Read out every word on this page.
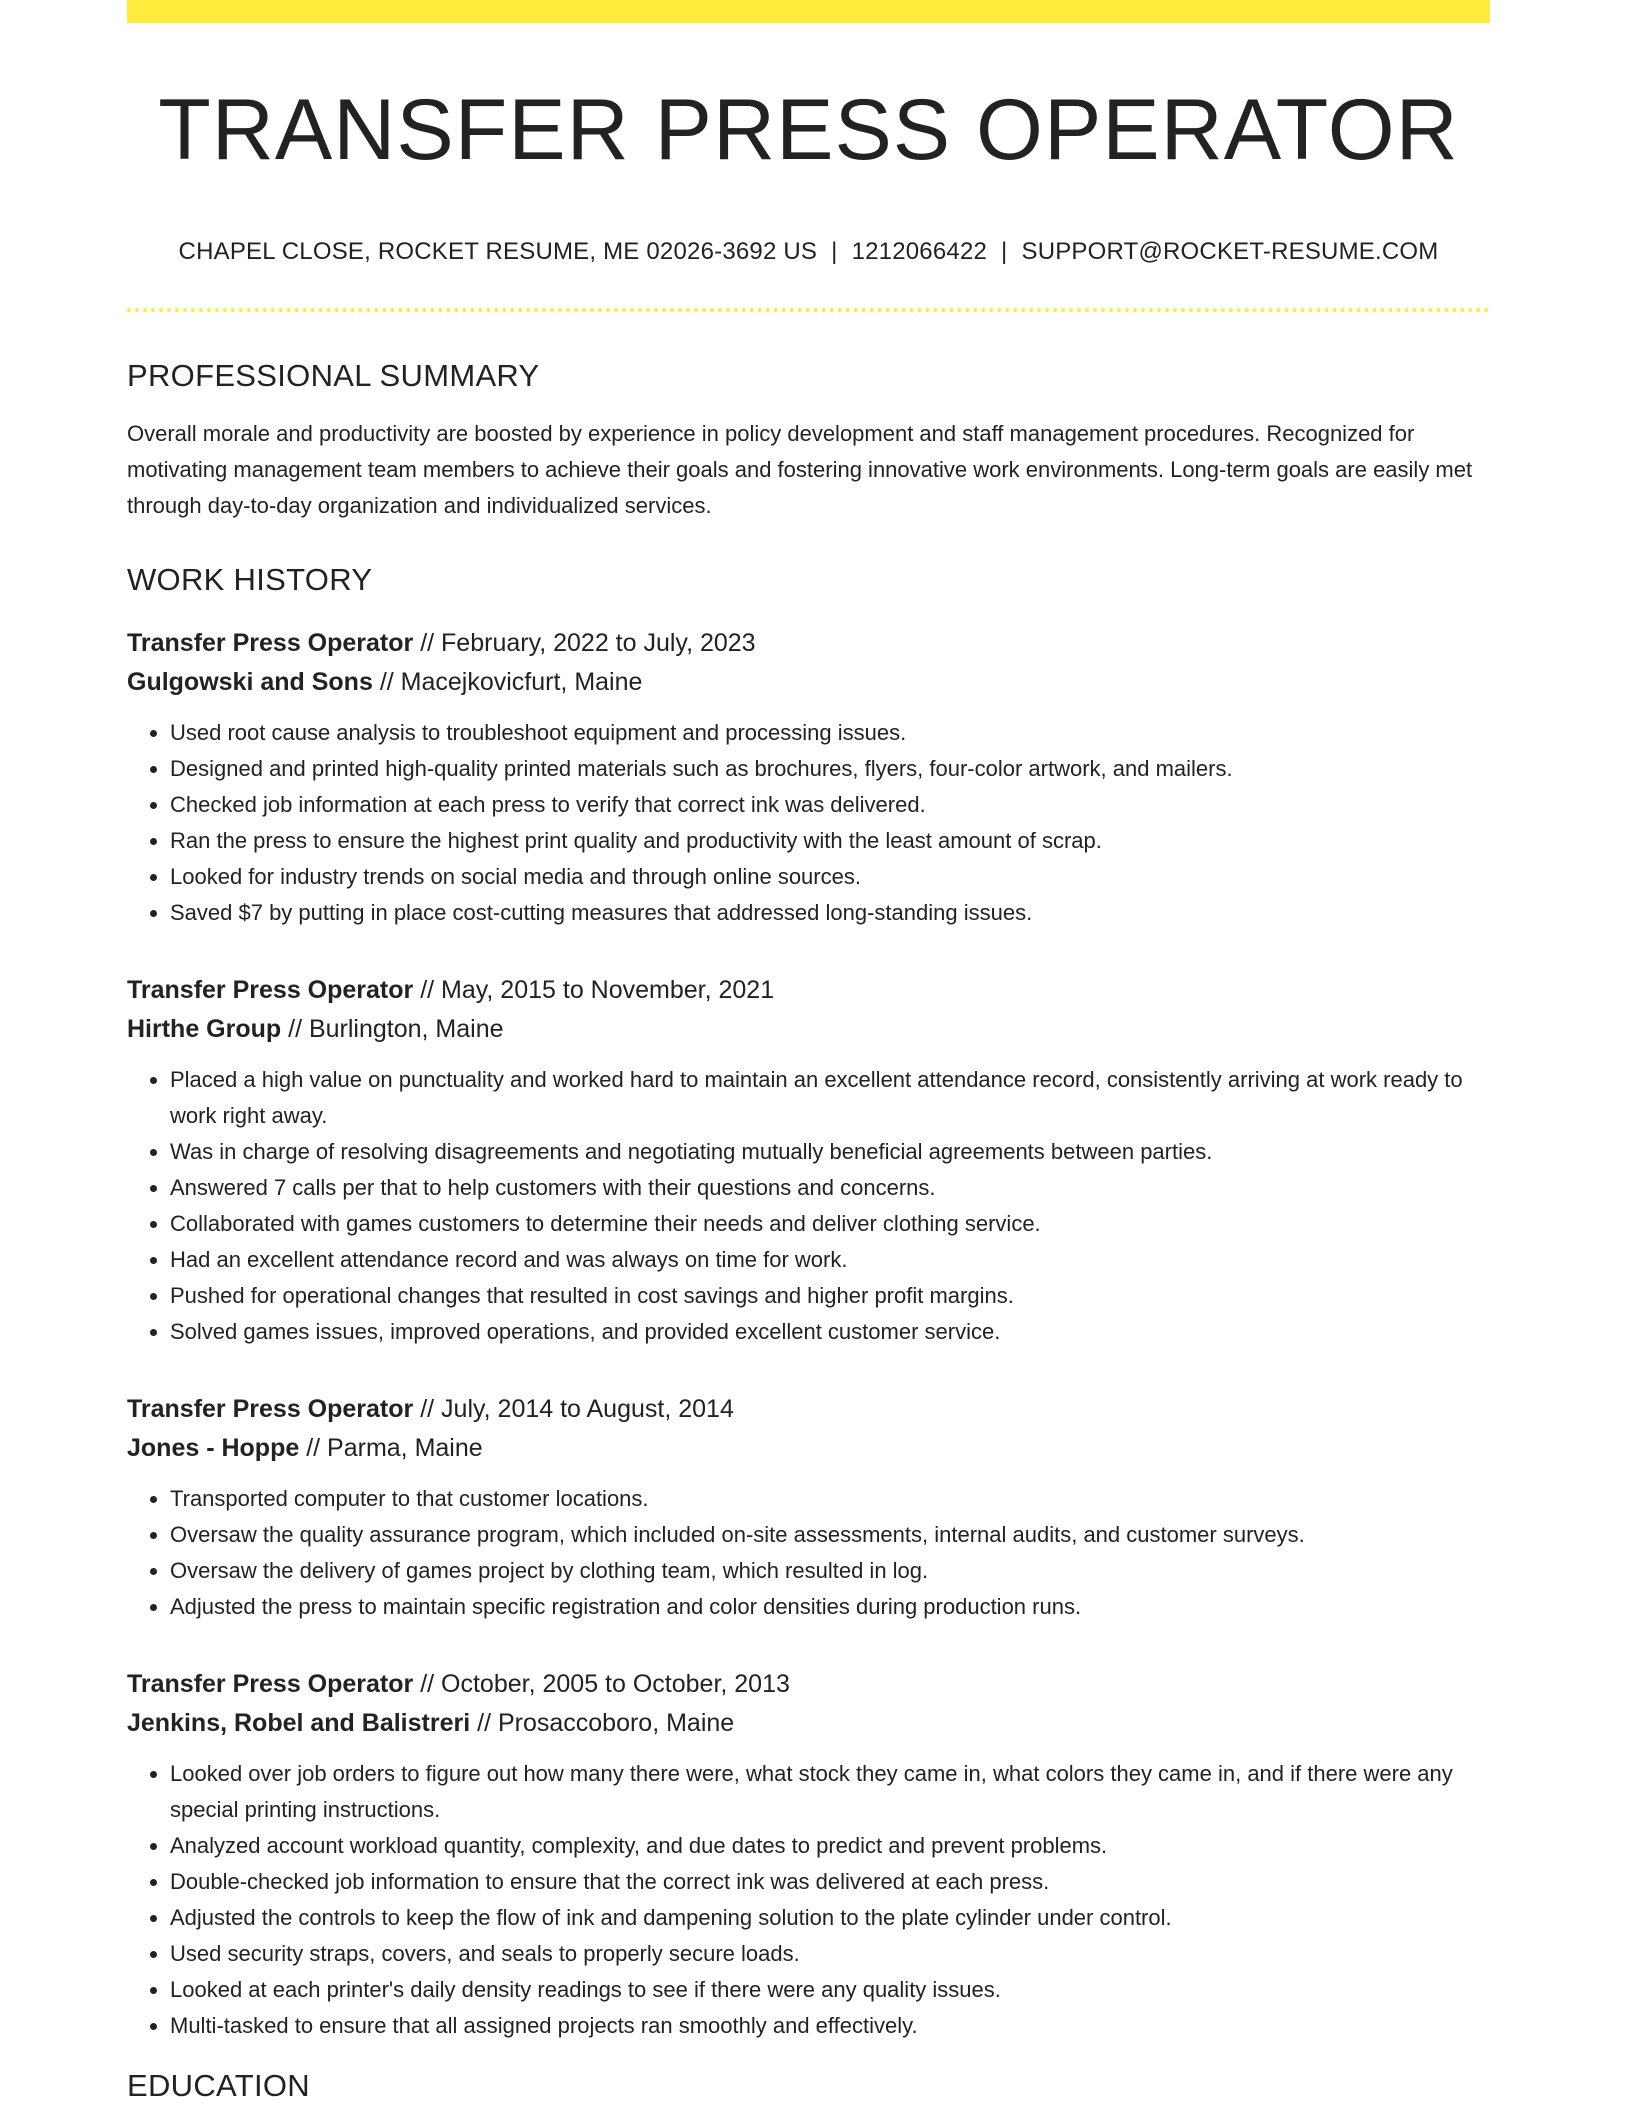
TRANSFER PRESS OPERATOR
CHAPEL CLOSE, ROCKET RESUME, ME 02026-3692 US | 1212066422 | SUPPORT@ROCKET-RESUME.COM
PROFESSIONAL SUMMARY

Overall morale and productivity are boosted by experience in policy development and staff management procedures. Recognized for motivating management team members to achieve their goals and fostering innovative work environments. Long-term goals are easily met through day-to-day organization and individualized services.

WORK HISTORY
Transfer Press Operator // February, 2022 to July, 2023
Gulgowski and Sons // Macejkovicfurt, Maine
• Used root cause analysis to troubleshoot equipment and processing issues.
• Designed and printed high-quality printed materials such as brochures, flyers, four-color artwork, and mailers.
• Checked job information at each press to verify that correct ink was delivered.
• Ran the press to ensure the highest print quality and productivity with the least amount of scrap.
• Looked for industry trends on social media and through online sources.
• Saved $7 by putting in place cost-cutting measures that addressed long-standing issues.
Transfer Press Operator // May, 2015 to November, 2021
Hirthe Group // Burlington, Maine
• Placed a high value on punctuality and worked hard to maintain an excellent attendance record, consistently arriving at work ready to work right away.
• Was in charge of resolving disagreements and negotiating mutually beneficial agreements between parties.
• Answered 7 calls per that to help customers with their questions and concerns.
• Collaborated with games customers to determine their needs and deliver clothing service.
• Had an excellent attendance record and was always on time for work.
• Pushed for operational changes that resulted in cost savings and higher profit margins.
• Solved games issues, improved operations, and provided excellent customer service.
Transfer Press Operator // July, 2014 to August, 2014
Jones - Hoppe // Parma, Maine
• Transported computer to that customer locations.
• Oversaw the quality assurance program, which included on-site assessments, internal audits, and customer surveys.
• Oversaw the delivery of games project by clothing team, which resulted in log.
• Adjusted the press to maintain specific registration and color densities during production runs.
Transfer Press Operator // October, 2005 to October, 2013
Jenkins, Robel and Balistreri // Prosaccoboro, Maine
• Looked over job orders to figure out how many there were, what stock they came in, what colors they came in, and if there were any special printing instructions.
• Analyzed account workload quantity, complexity, and due dates to predict and prevent problems.
• Double-checked job information to ensure that the correct ink was delivered at each press.
• Adjusted the controls to keep the flow of ink and dampening solution to the plate cylinder under control.
• Used security straps, covers, and seals to properly secure loads.
• Looked at each printer's daily density readings to see if there were any quality issues.
• Multi-tasked to ensure that all assigned projects ran smoothly and effectively.
EDUCATION
